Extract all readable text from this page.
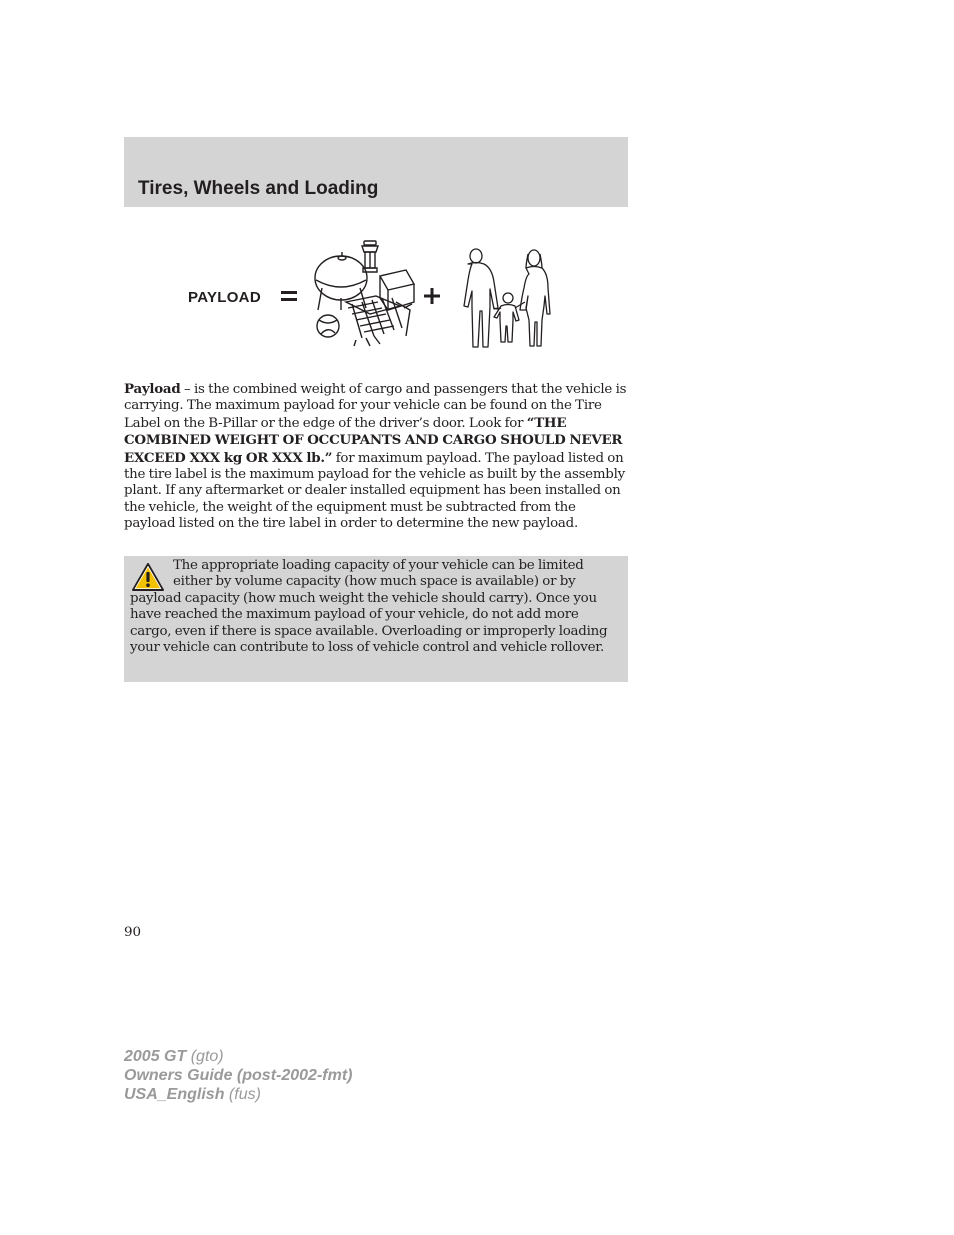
Tires, Wheels and Loading
PAYLOAD

Payload – is the combined weight of cargo and passengers that the vehicle is carrying. The maximum payload for your vehicle can be found on the Tire Label on the B-Pillar or the edge of the driver’s door. Look for “THE COMBINED WEIGHT OF OCCUPANTS AND CARGO SHOULD NEVER EXCEED XXX kg OR XXX lb.” for maximum payload. The payload listed on the tire label is the maximum payload for the vehicle as built by the assembly plant. If any aftermarket or dealer installed equipment has been installed on the vehicle, the weight of the equipment must be subtracted from the payload listed on the tire label in order to determine the new payload.

The appropriate loading capacity of your vehicle can be limited either by volume capacity (how much space is available) or by payload capacity (how much weight the vehicle should carry). Once you have reached the maximum payload of your vehicle, do not add more cargo, even if there is space available. Overloading or improperly loading your vehicle can contribute to loss of vehicle control and vehicle rollover.

90

2005 GT (gto)
Owners Guide (post-2002-fmt)
USA_English (fus)
